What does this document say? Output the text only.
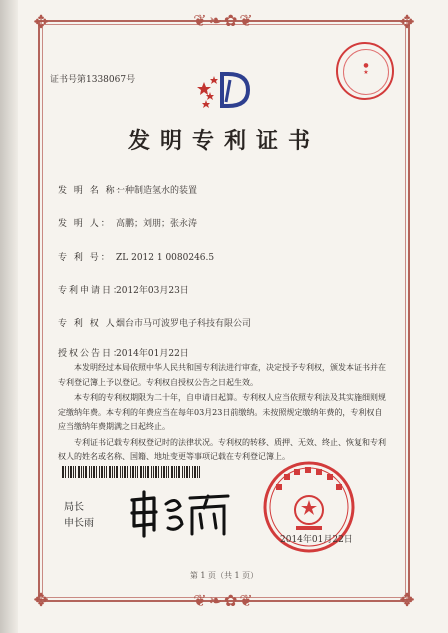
❦❧✿❦
❦❧✿❦
✥	✥
✥	✥
证书号第1338067号
●
★
发明专利证书
发 明 名 称：一种制造氢水的装置
发 明 人： 高鹏；刘朋；张永涛
专 利 号： ZL 2012 1 0080246.5
专利申请日：2012年03月23日
专 利 权 人：烟台市马可波罗电子科技有限公司
授权公告日：2014年01月22日

本发明经过本局依照中华人民共和国专利法进行审查，决定授予专利权，颁发本证书并在专利登记簿上予以登记。专利权自授权公告之日起生效。

本专利的专利权期限为二十年，自申请日起算。专利权人应当依照专利法及其实施细则规定缴纳年费。本专利的年费应当在每年03月23日前缴纳。未按照规定缴纳年费的，专利权自应当缴纳年费期满之日起终止。

专利证书记载专利权登记时的法律状况。专利权的转移、质押、无效、终止、恢复和专利权人的姓名或名称、国籍、地址变更等事项记载在专利登记簿上。

局长
申长雨
2014年01月22日
第 1 页（共 1 页）
